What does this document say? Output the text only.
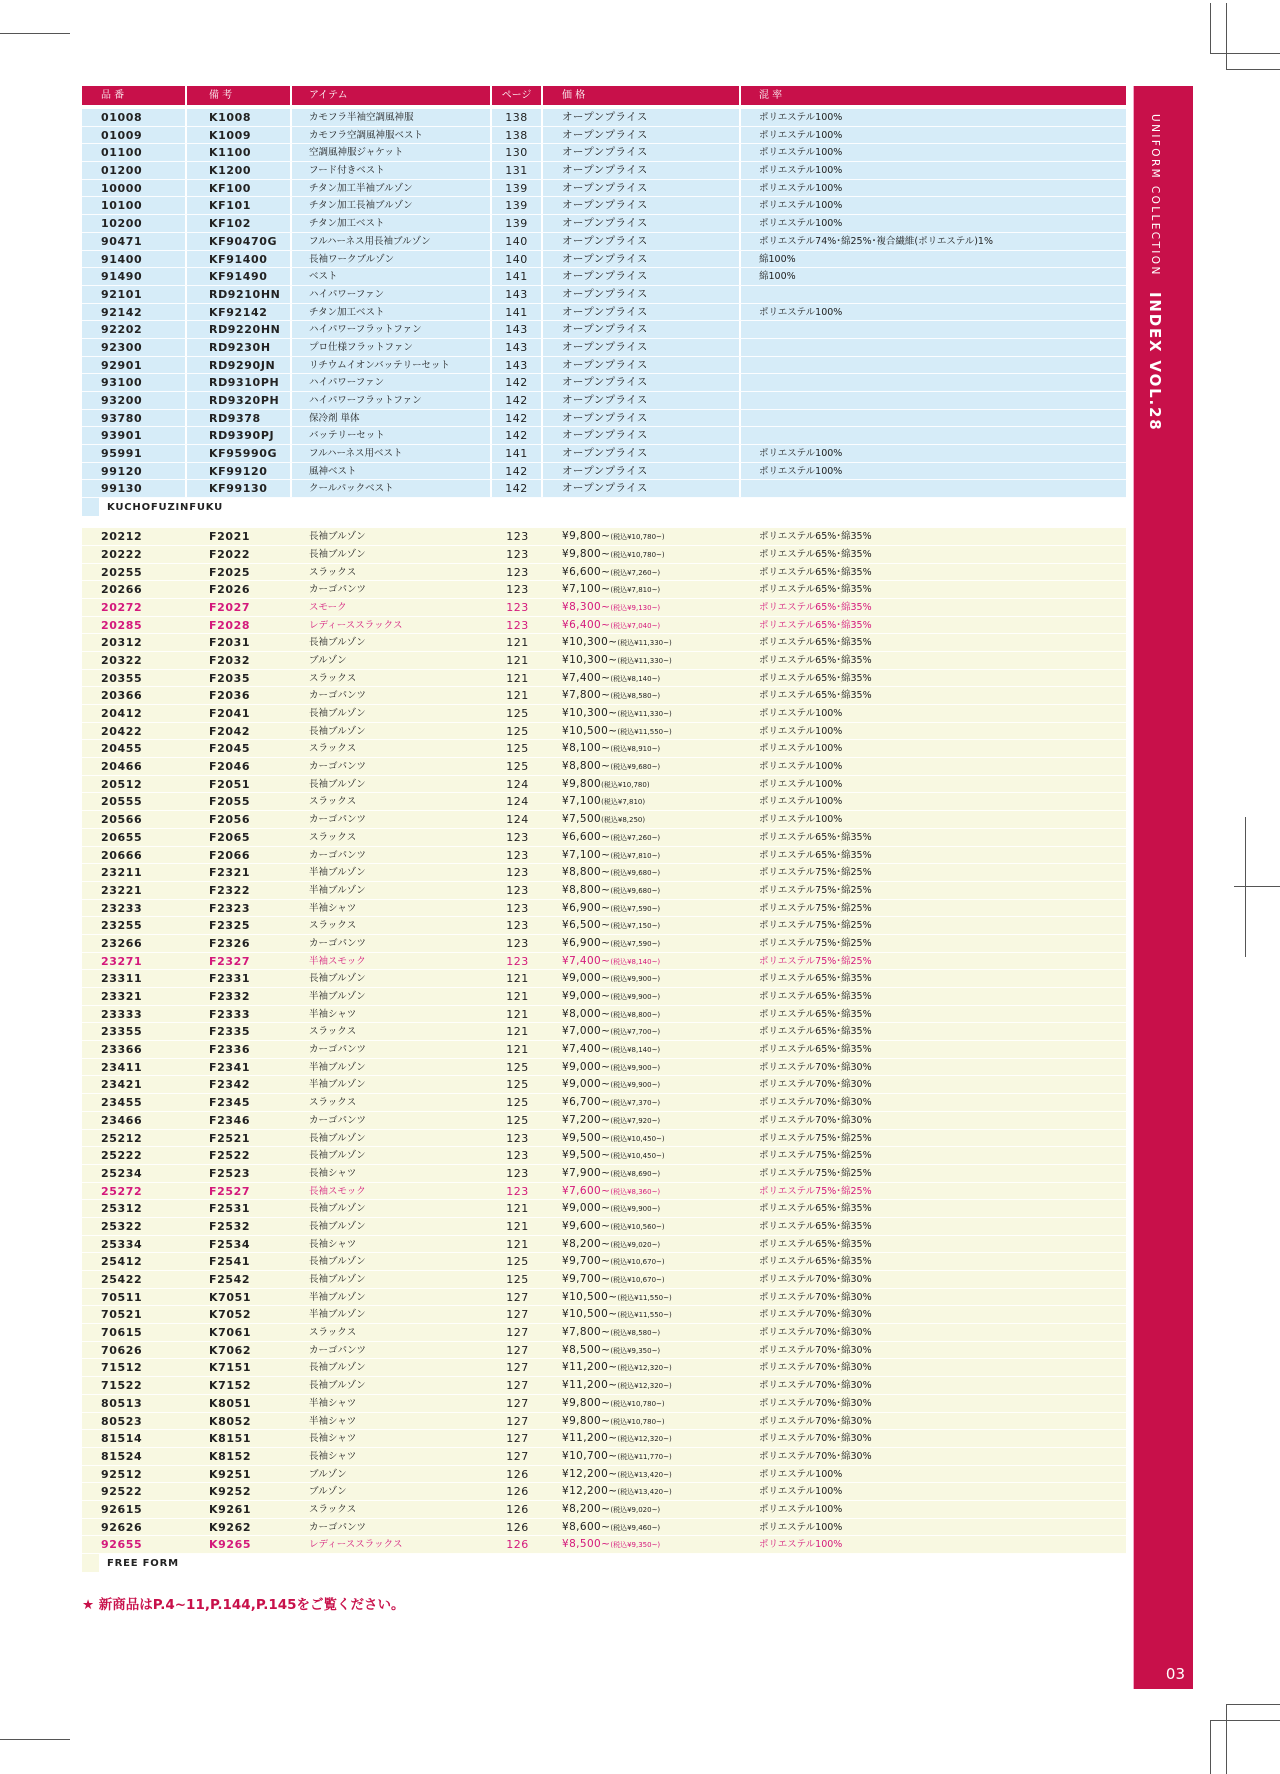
品 番	備 考	アイテム	ページ	価 格	混 率
01008	K1008	カモフラ半袖空調風神服	138	オープンプライス	ポリエステル100%
01009	K1009	カモフラ空調風神服ベスト	138	オープンプライス	ポリエステル100%
01100	K1100	空調風神服ジャケット	130	オープンプライス	ポリエステル100%
01200	K1200	フード付きベスト	131	オープンプライス	ポリエステル100%
10000	KF100	チタン加工半袖ブルゾン	139	オープンプライス	ポリエステル100%
10100	KF101	チタン加工長袖ブルゾン	139	オープンプライス	ポリエステル100%
10200	KF102	チタン加工ベスト	139	オープンプライス	ポリエステル100%
90471	KF90470G	フルハーネス用長袖ブルゾン	140	オープンプライス	ポリエステル74%･綿25%･複合繊維(ポリエステル)1%
91400	KF91400	長袖ワークブルゾン	140	オープンプライス	綿100%
91490	KF91490	ベスト	141	オープンプライス	綿100%
92101	RD9210HN	ハイパワーファン	143	オープンプライス
92142	KF92142	チタン加工ベスト	141	オープンプライス	ポリエステル100%
92202	RD9220HN	ハイパワーフラットファン	143	オープンプライス
92300	RD9230H	プロ仕様フラットファン	143	オープンプライス
92901	RD9290JN	リチウムイオンバッテリーセット	143	オープンプライス
93100	RD9310PH	ハイパワーファン	142	オープンプライス
93200	RD9320PH	ハイパワーフラットファン	142	オープンプライス
93780	RD9378	保冷剤 単体	142	オープンプライス
93901	RD9390PJ	バッテリーセット	142	オープンプライス
95991	KF95990G	フルハーネス用ベスト	141	オープンプライス	ポリエステル100%
99120	KF99120	風神ベスト	142	オープンプライス	ポリエステル100%
99130	KF99130	クールパックベスト	142	オープンプライス
KUCHOFUZINFUKU
20212	F2021	長袖ブルゾン	123	¥9,800~(税込¥10,780~)	ポリエステル65%･綿35%
20222	F2022	長袖ブルゾン	123	¥9,800~(税込¥10,780~)	ポリエステル65%･綿35%
20255	F2025	スラックス	123	¥6,600~(税込¥7,260~)	ポリエステル65%･綿35%
20266	F2026	カーゴパンツ	123	¥7,100~(税込¥7,810~)	ポリエステル65%･綿35%
20272	F2027	スモーク	123	¥8,300~(税込¥9,130~)	ポリエステル65%･綿35%
20285	F2028	レディーススラックス	123	¥6,400~(税込¥7,040~)	ポリエステル65%･綿35%
20312	F2031	長袖ブルゾン	121	¥10,300~(税込¥11,330~)	ポリエステル65%･綿35%
20322	F2032	ブルゾン	121	¥10,300~(税込¥11,330~)	ポリエステル65%･綿35%
20355	F2035	スラックス	121	¥7,400~(税込¥8,140~)	ポリエステル65%･綿35%
20366	F2036	カーゴパンツ	121	¥7,800~(税込¥8,580~)	ポリエステル65%･綿35%
20412	F2041	長袖ブルゾン	125	¥10,300~(税込¥11,330~)	ポリエステル100%
20422	F2042	長袖ブルゾン	125	¥10,500~(税込¥11,550~)	ポリエステル100%
20455	F2045	スラックス	125	¥8,100~(税込¥8,910~)	ポリエステル100%
20466	F2046	カーゴパンツ	125	¥8,800~(税込¥9,680~)	ポリエステル100%
20512	F2051	長袖ブルゾン	124	¥9,800(税込¥10,780)	ポリエステル100%
20555	F2055	スラックス	124	¥7,100(税込¥7,810)	ポリエステル100%
20566	F2056	カーゴパンツ	124	¥7,500(税込¥8,250)	ポリエステル100%
20655	F2065	スラックス	123	¥6,600~(税込¥7,260~)	ポリエステル65%･綿35%
20666	F2066	カーゴパンツ	123	¥7,100~(税込¥7,810~)	ポリエステル65%･綿35%
23211	F2321	半袖ブルゾン	123	¥8,800~(税込¥9,680~)	ポリエステル75%･綿25%
23221	F2322	半袖ブルゾン	123	¥8,800~(税込¥9,680~)	ポリエステル75%･綿25%
23233	F2323	半袖シャツ	123	¥6,900~(税込¥7,590~)	ポリエステル75%･綿25%
23255	F2325	スラックス	123	¥6,500~(税込¥7,150~)	ポリエステル75%･綿25%
23266	F2326	カーゴパンツ	123	¥6,900~(税込¥7,590~)	ポリエステル75%･綿25%
23271	F2327	半袖スモック	123	¥7,400~(税込¥8,140~)	ポリエステル75%･綿25%
23311	F2331	長袖ブルゾン	121	¥9,000~(税込¥9,900~)	ポリエステル65%･綿35%
23321	F2332	半袖ブルゾン	121	¥9,000~(税込¥9,900~)	ポリエステル65%･綿35%
23333	F2333	半袖シャツ	121	¥8,000~(税込¥8,800~)	ポリエステル65%･綿35%
23355	F2335	スラックス	121	¥7,000~(税込¥7,700~)	ポリエステル65%･綿35%
23366	F2336	カーゴパンツ	121	¥7,400~(税込¥8,140~)	ポリエステル65%･綿35%
23411	F2341	半袖ブルゾン	125	¥9,000~(税込¥9,900~)	ポリエステル70%･綿30%
23421	F2342	半袖ブルゾン	125	¥9,000~(税込¥9,900~)	ポリエステル70%･綿30%
23455	F2345	スラックス	125	¥6,700~(税込¥7,370~)	ポリエステル70%･綿30%
23466	F2346	カーゴパンツ	125	¥7,200~(税込¥7,920~)	ポリエステル70%･綿30%
25212	F2521	長袖ブルゾン	123	¥9,500~(税込¥10,450~)	ポリエステル75%･綿25%
25222	F2522	長袖ブルゾン	123	¥9,500~(税込¥10,450~)	ポリエステル75%･綿25%
25234	F2523	長袖シャツ	123	¥7,900~(税込¥8,690~)	ポリエステル75%･綿25%
25272	F2527	長袖スモック	123	¥7,600~(税込¥8,360~)	ポリエステル75%･綿25%
25312	F2531	長袖ブルゾン	121	¥9,000~(税込¥9,900~)	ポリエステル65%･綿35%
25322	F2532	長袖ブルゾン	121	¥9,600~(税込¥10,560~)	ポリエステル65%･綿35%
25334	F2534	長袖シャツ	121	¥8,200~(税込¥9,020~)	ポリエステル65%･綿35%
25412	F2541	長袖ブルゾン	125	¥9,700~(税込¥10,670~)	ポリエステル65%･綿35%
25422	F2542	長袖ブルゾン	125	¥9,700~(税込¥10,670~)	ポリエステル70%･綿30%
70511	K7051	半袖ブルゾン	127	¥10,500~(税込¥11,550~)	ポリエステル70%･綿30%
70521	K7052	半袖ブルゾン	127	¥10,500~(税込¥11,550~)	ポリエステル70%･綿30%
70615	K7061	スラックス	127	¥7,800~(税込¥8,580~)	ポリエステル70%･綿30%
70626	K7062	カーゴパンツ	127	¥8,500~(税込¥9,350~)	ポリエステル70%･綿30%
71512	K7151	長袖ブルゾン	127	¥11,200~(税込¥12,320~)	ポリエステル70%･綿30%
71522	K7152	長袖ブルゾン	127	¥11,200~(税込¥12,320~)	ポリエステル70%･綿30%
80513	K8051	半袖シャツ	127	¥9,800~(税込¥10,780~)	ポリエステル70%･綿30%
80523	K8052	半袖シャツ	127	¥9,800~(税込¥10,780~)	ポリエステル70%･綿30%
81514	K8151	長袖シャツ	127	¥11,200~(税込¥12,320~)	ポリエステル70%･綿30%
81524	K8152	長袖シャツ	127	¥10,700~(税込¥11,770~)	ポリエステル70%･綿30%
92512	K9251	ブルゾン	126	¥12,200~(税込¥13,420~)	ポリエステル100%
92522	K9252	ブルゾン	126	¥12,200~(税込¥13,420~)	ポリエステル100%
92615	K9261	スラックス	126	¥8,200~(税込¥9,020~)	ポリエステル100%
92626	K9262	カーゴパンツ	126	¥8,600~(税込¥9,460~)	ポリエステル100%
92655	K9265	レディーススラックス	126	¥8,500~(税込¥9,350~)	ポリエステル100%
FREE FORM
★ 新商品はP.4~11,P.144,P.145をご覧ください。
UNIFORM COLLECTION INDEX VOL.28
03
